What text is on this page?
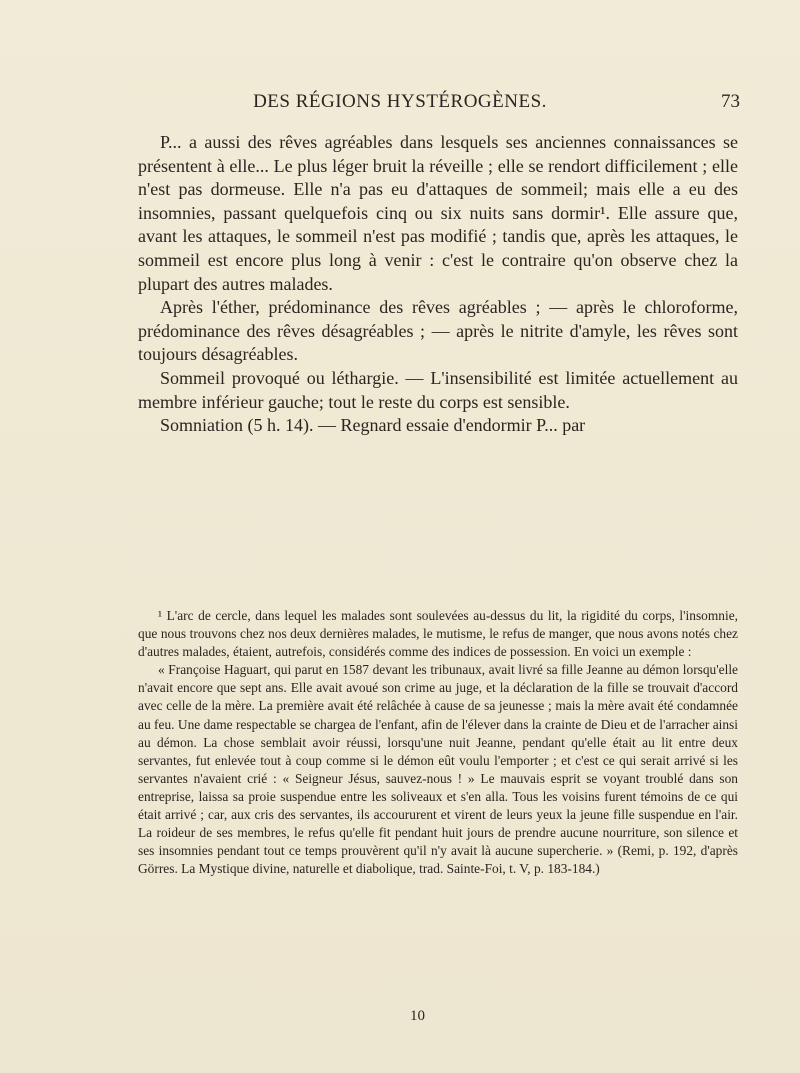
DES RÉGIONS HYSTÉROGÈNES.	73

P... a aussi des rêves agréables dans lesquels ses anciennes connaissances se présentent à elle... Le plus léger bruit la réveille ; elle se rendort difficilement ; elle n'est pas dormeuse. Elle n'a pas eu d'attaques de sommeil; mais elle a eu des insomnies, passant quelquefois cinq ou six nuits sans dormir¹. Elle assure que, avant les attaques, le sommeil n'est pas modifié ; tandis que, après les attaques, le sommeil est encore plus long à venir : c'est le contraire qu'on observe chez la plupart des autres malades.

Après l'éther, prédominance des rêves agréables ; — après le chloroforme, prédominance des rêves désagréables ; — après le nitrite d'amyle, les rêves sont toujours désagréables.

Sommeil provoqué ou léthargie. — L'insensibilité est limitée actuellement au membre inférieur gauche; tout le reste du corps est sensible.

Somniation (5 h. 14). — Regnard essaie d'endormir P... par

¹ L'arc de cercle, dans lequel les malades sont soulevées au-dessus du lit, la rigidité du corps, l'insomnie, que nous trouvons chez nos deux dernières malades, le mutisme, le refus de manger, que nous avons notés chez d'autres malades, étaient, autrefois, considérés comme des indices de possession. En voici un exemple :

« Françoise Haguart, qui parut en 1587 devant les tribunaux, avait livré sa fille Jeanne au démon lorsqu'elle n'avait encore que sept ans. Elle avait avoué son crime au juge, et la déclaration de la fille se trouvait d'accord avec celle de la mère. La première avait été relâchée à cause de sa jeunesse ; mais la mère avait été condamnée au feu. Une dame respectable se chargea de l'enfant, afin de l'élever dans la crainte de Dieu et de l'arracher ainsi au démon. La chose semblait avoir réussi, lorsqu'une nuit Jeanne, pendant qu'elle était au lit entre deux servantes, fut enlevée tout à coup comme si le démon eût voulu l'emporter ; et c'est ce qui serait arrivé si les servantes n'avaient crié : « Seigneur Jésus, sauvez-nous ! » Le mauvais esprit se voyant troublé dans son entreprise, laissa sa proie suspendue entre les soliveaux et s'en alla. Tous les voisins furent témoins de ce qui était arrivé ; car, aux cris des servantes, ils accoururent et virent de leurs yeux la jeune fille suspendue en l'air. La roideur de ses membres, le refus qu'elle fit pendant huit jours de prendre aucune nourriture, son silence et ses insomnies pendant tout ce temps prouvèrent qu'il n'y avait là aucune supercherie. » (Remi, p. 192, d'après Görres. La Mystique divine, naturelle et diabolique, trad. Sainte-Foi, t. V, p. 183-184.)

10
